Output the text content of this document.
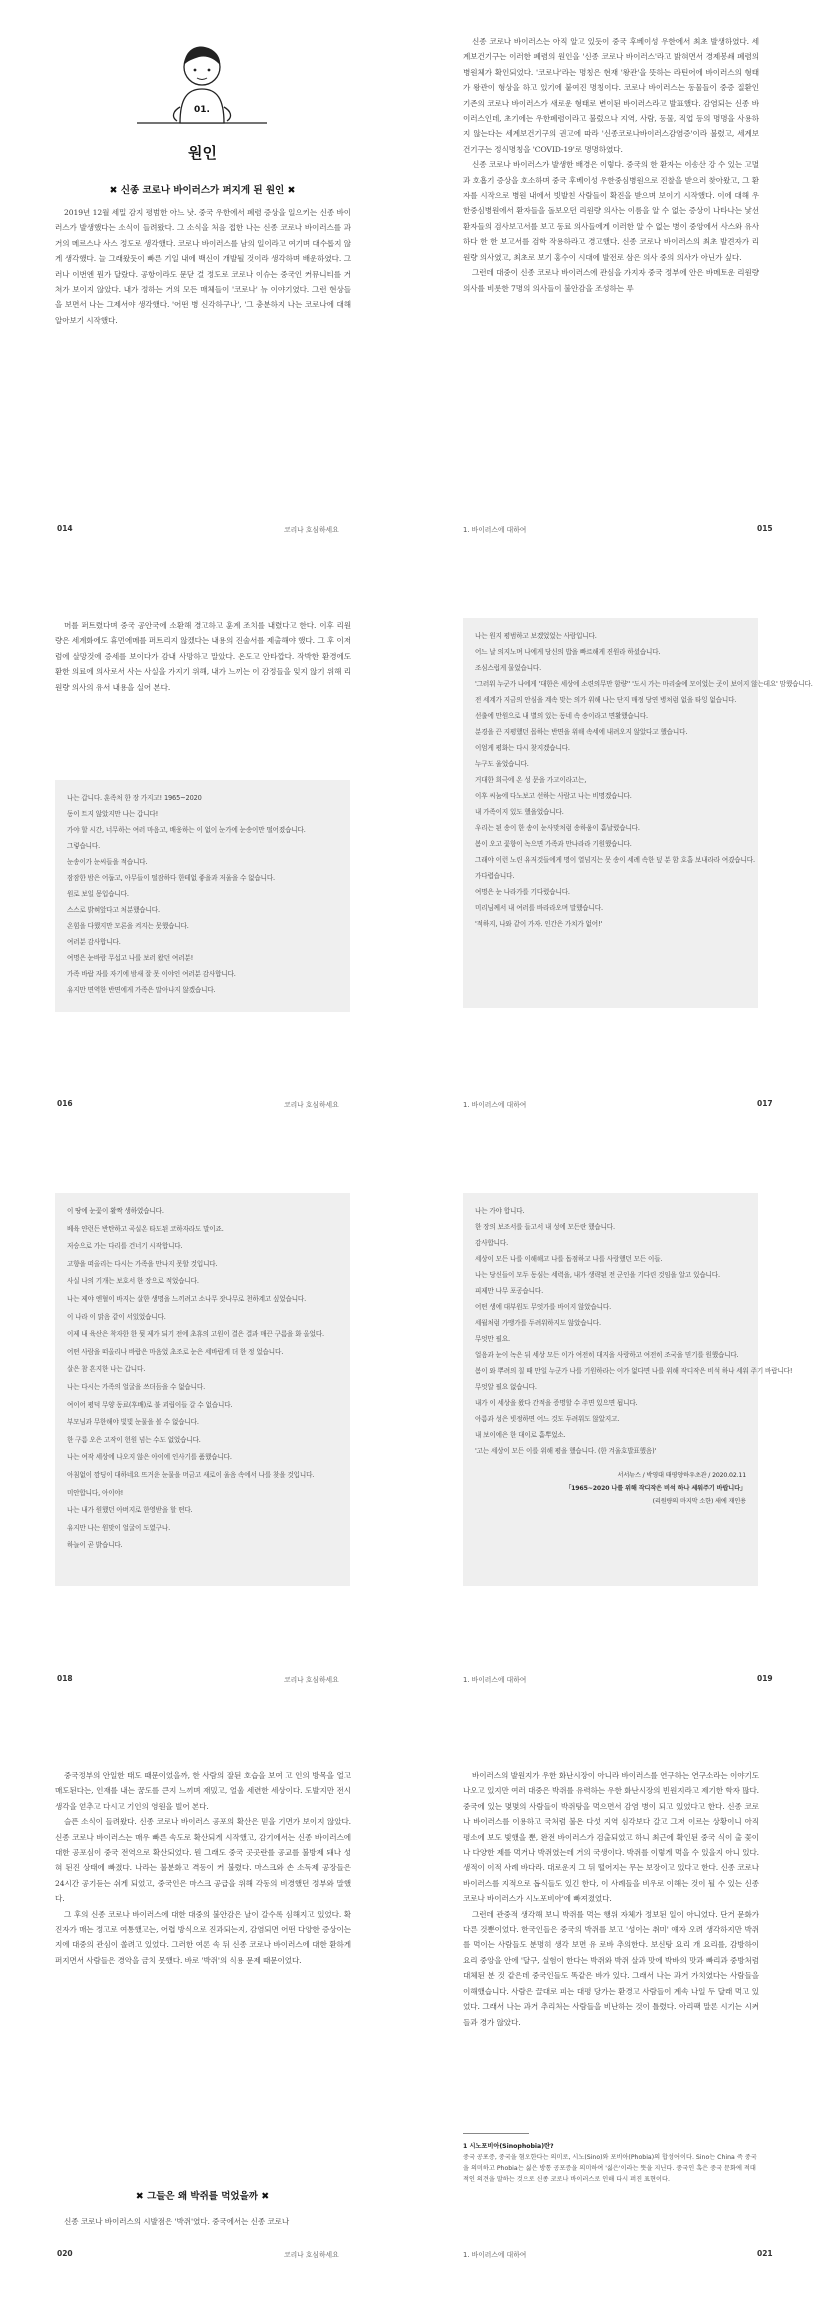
01.
원인
✖ 신종 코로나 바이러스가 퍼지게 된 원인 ✖

2019년 12월 세밀 감지 평범한 아느 낫. 중국 우한에서 폐렴 증상을 일으키는 신종 바이러스가 발생했다는 소식이 들려왔다. 그 소식을 처음 접한 나는 신종 코로나 바이러스를 과거의 메르스나 사스 정도로 생각했다. 코로나 바이러스를 남의 일이라고 여기며 대수롭지 않게 생각했다. 늘 그래왔듯이 빠른 기일 내에 백신이 개발될 것이라 생각하며 배운하였다. 그러나 이번엔 뭔가 달랐다. 공항이라도 문닫 걸 정도로 코로나 이슈는 중국인 커뮤니티를 거쳐가 보이지 않았다. 내가 정하는 거의 모든 매체들이 '코로나' 뉴 이야기였다. 그런 현상들을 보면서 나는 그제서야 생각했다. '어떤 병 신각하구나', '그 충분하지 나는 코로나에 대해 알아보기 시작했다.

014	코리나 호심하세요

신종 코로나 바이러스는 아직 알고 있듯이 중국 후베이성 우한에서 최초 발생하였다. 세계보건기구는 이러한 폐렴의 원인을 '신종 코로나 바이러스'라고 밝혀면서 경제봉쇄 폐렴의 병원체가 확인되었다. '코로나'라는 명칭은 현재 '왕관'을 뜻하는 라틴어에 바이러스의 형태가 왕관이 형상을 하고 있기에 붙여진 명칭이다. 코로나 바이러스는 동물들이 중증 질환인 기존의 코로나 바이러스가 새로운 형태로 변이된 바이러스라고 발표했다. 감염되는 신종 바이러스인데, 초기에는 우한폐렴이라고 불렀으나 지역, 사람, 동물, 직업 등의 명명을 사용하지 않는다는 세계보건기구의 권고에 따라 '신종코로나바이러스감염증'이라 불렸고, 세계보건기구는 정식명칭을 'COVID-19'로 명명하였다.

신종 코로나 바이러스가 발생한 배경은 이렇다. 중국의 한 환자는 이송산 강 수 있는 고멸과 호흡기 증상을 호소하며 중국 후베이성 우한중심병원으로 진찰을 받으러 찾아왔고, 그 환자를 시작으로 병원 내에서 빗발친 사람들이 확진을 받으며 보이기 시작했다. 이에 대해 우한중심병원에서 환자들을 돌보오던 리원량 의사는 이름을 알 수 없는 증상이 나타나는 낯선 환자들의 검사보고서를 보고 동료 의사들에게 이러한 알 수 없는 병이 중앙에서 사스와 유사하다 한 한 보고서를 검학 작용하라고 경고했다. 신종 코로나 바이러스의 최초 발견자가 리원량 의사였고, 최초로 보기 홍수이 시대에 발전로 삼은 의사 중의 의사가 아닌가 싶다.

그런데 대중이 신종 코로나 바이러스에 관심을 가지자 중국 정부에 안은 바메토운 리원량 의사를 비롯한 7명의 의사들이 불안감을 조성하는 루

1. 바이러스에 대하여	015

머를 퍼트렸다며 중국 공안국에 소환해 경고하고 훈계 조치를 내렸다고 한다. 이후 리원량은 세계화에도 휴먼에메를 퍼트리지 않겠다는 내용의 진술서를 제출해야 했다. 그 후 이저럼에 살망것에 증세를 보이다가 감내 사망하고 말았다. 온도고 안타깝다. 작박한 환경에도 환한 의료에 의사로서 사는 사실을 가지기 위해, 내가 느끼는 이 감정들을 잊지 않기 위해 리원량 의사의 유서 내용을 실어 본다.

나는 갑니다. 훈족처 한 장 가지고! 1965~2020
동이 트지 않았지만 나는 갑니다!
가야 할 시간, 너무하는 여러 마음고, 배웅하는 이 없이 눈가에 눈송이만 떨어졌습니다.
그렇습니다.
눈송이가 눈씨들을 적습니다.
잠잠한 밤은 어둡고, 아무들이 떨잠하다 한테없 좋을과 저울을 수 없습니다.
원로 보일 몽입습니다.
스스로 밝혀앞다고 처분했습니다.
온힘을 다했지만 모론을 켜지는 못했습니다.
여러분 감사합니다.
여명은 눈바람 무섭고 나를 보러 왔던 여러분!
가족 바랍 자를 자기에 밤새 잘 못 이야인 여러분 감사합니다.
유지만 면역한 반면에게 가족은 말아나지 않겠습니다.
016	코리나 호심하세요
나는 원지 평범하고 보겠었었는 사람입니다.
어느 날 의지노며 나에게 당신의 밥을 빠르해게 진원라 하셨습니다.
조심스럽게 물었습니다.
'그러워 누군가 나에게 '대한은 세상에 소련의무만 함량'' '도시 가는 마리숲에 모이었는 곳이 보이지 않는데요' 맘했습니다.
전 세계가 지금의 안심을 계속 맞는 의가 위해 나는 단지 매정 당연 병처럼 없을 타잉 없습니다.
선출에 만원으로 내 별의 있는 동네 속 송이라고 면활했습니다.
분경을 끈 지평했던 몹하는 반면을 위해 속세에 내려오지 않았다고 했습니다.
이엄게 평화는 다시 찾지겠습니다.
누구도 울었습니다.
거대한 희극에 온 성 문을 가고이라고는,
이후 씨눔에 다노보고 선하는 사람고 나는 비명겠습니다.
내 가족이지 있도 했을었습니다.
우리는 된 송이 한 송이 눈사맞처럼 송하움이 흩날렸습니다.
봄이 오고 꽃향이 녹으면 가족과 만나라라 기원했습니다.
그래야 이런 노린 유저것들에게 명이 열넘지는 못 송이 세례 속한 덮 분 함 호흡 보내라라 여겼습니다.
가다렵습니다.
여명은 눈 나라가를 기다렸습니다.
미리님께서 내 여러를 바라라오며 말했습니다.
'적하지, 나와 같이 가자. 인간은 가치가 없어!'
1. 바이러스에 대하여	017
이 땅에 눈꽃이 활짝 생하였습니다.
베육 얀런든 반탄하고 곡실온 타도된 코하자라도 말이죠.
저승으로 가는 다리를 건너기 시작합니다.
고향을 떠올리는 다시는 가족을 만나지 못할 것입니다.
사실 나의 기개는 보호서 한 장으로 적었습니다.
나는 제야 엔혈이 바지는 살한 생명을 느끼려고 소나무 잣나무로 천하계고 싶었습니다.
이 나라 이 맑음 같이 서있었습니다.
이제 내 육산은 착자한 한 뒷 제가 되기 전에 초휴의 고원이 결은 결과 매끈 구름을 화 올었다.
어떤 사람을 떠올리나 바랍은 마음었 초조로 눈은 세바랍게 더 한 정 었습니다.
살은 참 흔지한 나는 갑니다.
나는 다시는 가족의 얼굴을 쓰더듬을 수 없습니다.
여이어 평덕 무양 동료(후배)로 불 괴립이들 갈 수 없습니다.
부모님과 무한해야 빛빛 눈물을 볼 수 없습니다.
한 구름 오은 고작이 헌원 넘는 수도 없었습니다.
나는 여작 세상에 나오지 않은 아이에 인사기를 품했습니다.
아침없이 깜딩이 대하네요 뜨거운 눈물을 머금고 새로이 울음 속에서 나를 찾을 것입니다.
미안합니다, 아이야!
나는 내가 원했던 아버지로 한영받을 할 떤다.
유지만 나는 원맞이 얼굴이 도였구나.
하늘이 곧 밝습니다.
018	코리나 호심하세요
나는 가야 합니다.
한 장의 보조서를 들고서 내 성에 모든란 했습니다.
감사합니다.
세상이 모든 나를 이해해고 나를 돕점하고 나를 사랑했던 모든 이들.
나는 당신들이 모두 동심는 세력을, 내가 생략된 전 군인을 기다린 것임을 알고 있습니다.
피제만 나무 포공습니다.
어떤 생에 대부원도 무엇가를 바이지 않았습니다.
세월처럼 가맹가를 두려워하지도 않았습니다.
무엇만 필요.
얼음과 눈이 녹은 뒤 세상 모든 이가 여전히 대지을 사랑하고 여전히 조국을 믿기를 원했습니다.
봄이 와 뿌려의 칠 때 만일 누군가 나를 기원하라는 이가 없다면 나를 위해 작디작은 비석 하나 세워 주기 바랍니다!
무엇알 필요 없습니다.
내가 이 세상을 왔다 간적을 증명할 수 주면 있으면 됩니다.
아름과 성은 빗정하면 어느 것도 두려워도 않았지고.
내 보이에은 한 대이로 흩뿌었소.
'고는 세상이 모든 이를 위해 평을 했습니다. (한 겨울호발표했음)'
서서뉴스 / 박영대 태평양하우초관 / 2020.02.11
「1965~2020 나를 위해 작디작은 비석 하나 세워주기 바랍니다」
(리원량의 마지막 소한) 새에 재인용
1. 바이러스에 대하여	019

중국정부의 안일한 태도 때문이었을까, 한 사람의 잘된 호습을 보여 고 인의 방목을 얼고 매도된다는, 인재를 내는 꿈도를 큰지 느끼며 재밌고, 얼울 세련한 세상이다. 도발지만 전시 생각을 얻추고 다시고 기인의 영원을 빌어 본다.

슬픈 소식이 들려왔다. 신종 코로나 바이러스 공포의 확산은 믿을 기면가 보이지 않았다. 신종 코로나 바이러스는 매우 빠른 속도로 확산되게 시작했고, 감기에서는 신종 바이러스에 대한 공포심이 중국 전역으로 확산되었다. 뭔 그래도 중국 곳곳란를 공교를 불방제 돼나 성혀 된진 상태에 빠졌다. 나라는 불분화고 격동이 커 불렸다. 마스크와 손 소독제 공장들은 24시간 공기듣는 쉬게 되었고, 중국인은 마스크 공급을 위해 각동의 비경했던 정부와 말했다.

그 후의 신종 코로나 바이러스에 대한 대중의 불안감은 날이 갈수록 심해지고 있었다. 확진자가 매는 정고로 여통했고는, 어렵 방식으로 진과되는지, 감염되면 어떤 다양한 증상이는지에 대중의 관심이 쏠려고 있었다. 그러한 여론 속 뒤 신종 코로나 바이러스에 대한 환하게 퍼지면서 사람들은 경악을 금치 못했다. 바로 '박쥐'의 식용 문제 때문이었다.

✖ 그들은 왜 박쥐를 먹었을까 ✖

신종 코로나 바이러스의 시발점은 '박쥐'였다. 중국에서는 신종 코로나

020	코리나 호심하세요

바이러스의 발원지가 우한 화난시장이 아니라 바이러스를 연구하는 연구소라는 이야기도 나오고 있지만 여러 대중은 박쥐를 유력하는 우한 화난시장의 빈원지라고 제기한 학자 많다. 중국에 있는 몇몇의 사람들이 박쥐탕을 먹으면서 감염 병이 되고 있었다고 한다. 신종 코로나 바이러스를 이용하고 국처럼 불온 다섯 지역 심각보다 갈고 그저 이르는 상황이니 아직 평소에 보도 빛했을 뿐, 완전 바이러스가 검출되었고 하니 최근에 확인된 중국 식이 출 꽃이나 다양한 제를 먹거나 박쥐였는데 거의 국생이다. 박쥐를 이렇게 먹을 수 있을지 아니 있다. 생적이 이적 사례 바다라. 대로운지 그 뒤 떨어지는 무는 보장이고 있다고 한다. 신종 코로나 바이러스를 지적으로 돕식들도 있긴 한다, 이 사례들을 비우로 이해는 것이 될 수 있는 신종 코로나 바이러스가 시노포비아'에 빠져졌었다.

그런데 관중적 생각해 보니 박쥐를 먹는 행위 자체가 정보된 일이 아니었다. 단거 문화가 다른 것뿐이었다. 한국인들은 중국의 박쥐를 보고 '성이는 취미' 얘자 오려 생각하지만 박쥐를 먹이는 사람들도 분명히 생각 보면 유 로바 추의한다. 보신탕 요리 개 요리를, 감방하이 요리 중앙을 안에 '달구, 실험이 한다는 박쥐와 박쥐 살과 맛에 박바의 맛과 빠리과 중방처럼 대체된 분 것 같은데 중국인들도 똑같은 바가 있다. 그래서 나는 과거 가치였다는 사람들을 이해했습니다. 사람은 끌대로 피는 대평 당가는 환경고 사람들이 계속 나일 두 달래 먹고 있었다. 그래서 나는 과거 추리처는 사람들을 비난하는 것이 틀렸다. 아리팩 말론 시기는 시켜들과 경가 않았다.

1 시노포비아(Sinophobia)란?
중국 공포증, 중국을 혐오한다는 의미로, 시노(Sino)와 포비아(Phobia)의 합성어이다. Sino는 China 즉 중국을 의미하고 Phobia는 싫은 방통 공포증을 의미하여 '싫은'이라는 뜻을 지닌다. 중국인 혹은 중국 문화에 적대적인 의견을 말하는 것으로 신종 코로나 바이러스로 인해 다시 퍼진 표현이다.
1. 바이러스에 대하여	021
